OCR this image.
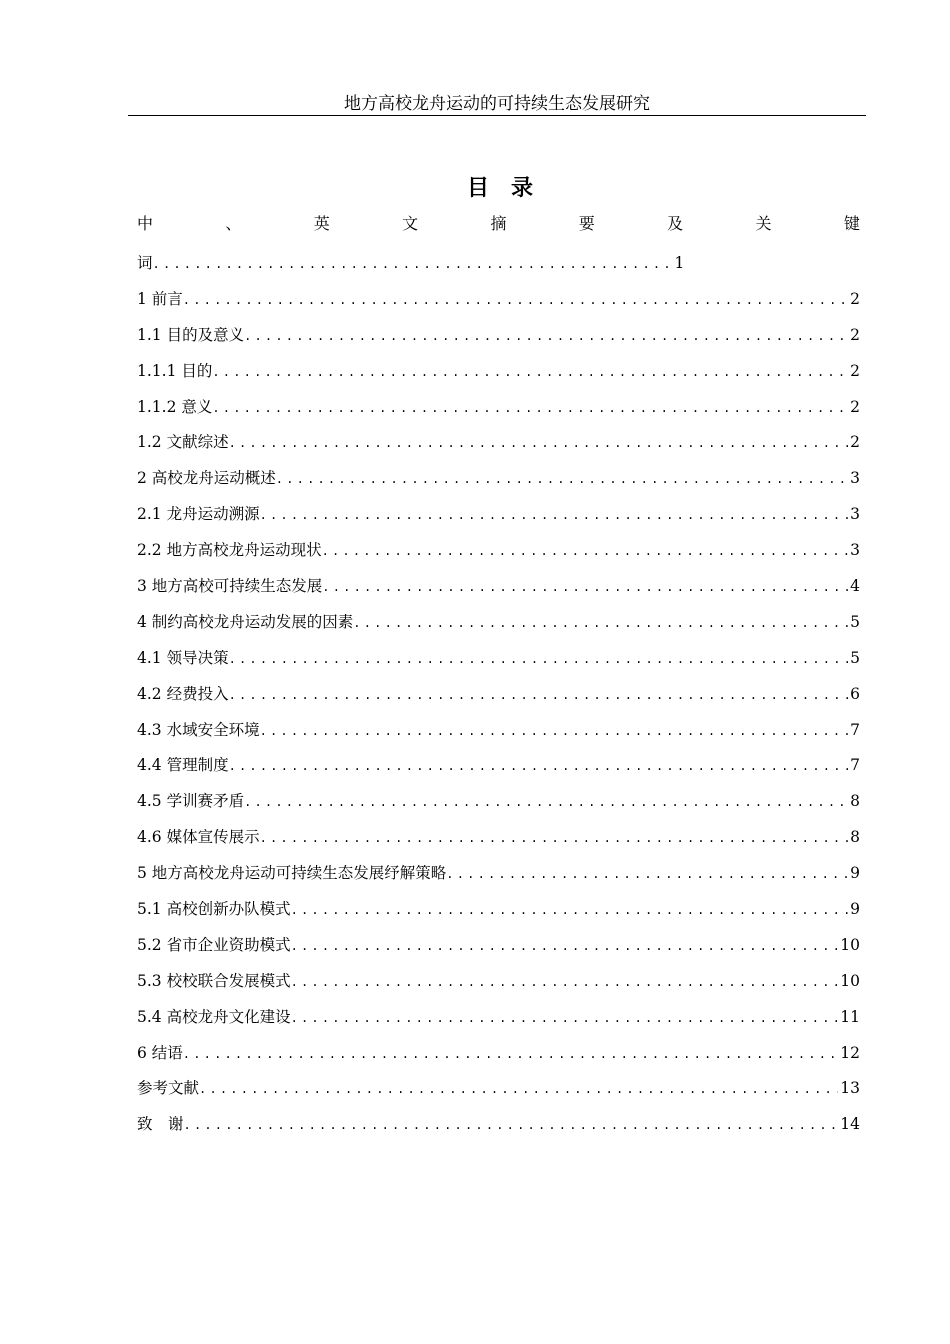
地方高校龙舟运动的可持续生态发展研究
目　录
中	、	英	文	摘	要	及	关	键
词 .....	1
1 前言 .....	2
1.1 目的及意义 .....	2
1.1.1 目的 .....	2
1.1.2 意义 .....	2
1.2 文献综述 .....	2
2 高校龙舟运动概述 .....	3
2.1 龙舟运动溯源 .....	3
2.2 地方高校龙舟运动现状 .....	3
3 地方高校可持续生态发展 .....	4
4 制约高校龙舟运动发展的因素 .....	5
4.1 领导决策 .....	5
4.2 经费投入 .....	6
4.3 水域安全环境 .....	7
4.4 管理制度 .....	7
4.5 学训赛矛盾 .....	8
4.6 媒体宣传展示 .....	8
5 地方高校龙舟运动可持续生态发展纾解策略 .....	9
5.1 高校创新办队模式 .....	9
5.2 省市企业资助模式 .....	10
5.3 校校联合发展模式 .....	10
5.4 高校龙舟文化建设 .....	11
6 结语 .....	12
参考文献 .....	13
致　谢 .....	14
